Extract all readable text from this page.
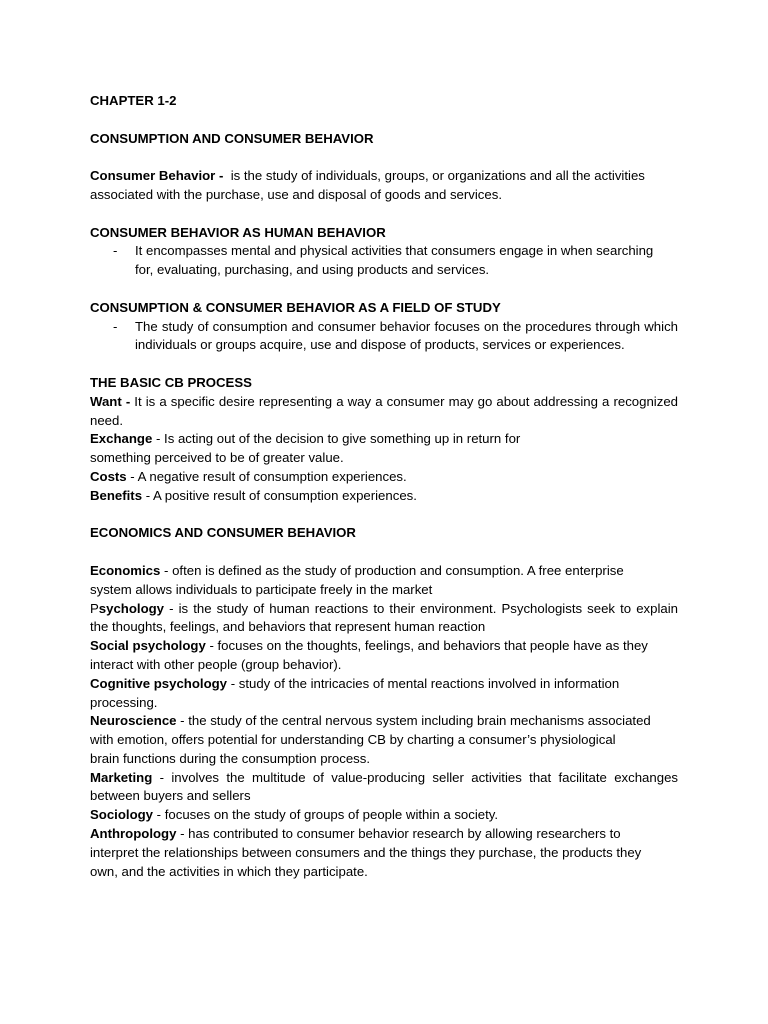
CHAPTER 1-2

CONSUMPTION AND CONSUMER BEHAVIOR

Consumer Behavior - is the study of individuals, groups, or organizations and all the activities
associated with the purchase, use and disposal of goods and services.

CONSUMER BEHAVIOR AS HUMAN BEHAVIOR

- It encompasses mental and physical activities that consumers engage in when searching
for, evaluating, purchasing, and using products and services.

CONSUMPTION & CONSUMER BEHAVIOR AS A FIELD OF STUDY

- The study of consumption and consumer behavior focuses on the procedures through which individuals or groups acquire, use and dispose of products, services or experiences.

THE BASIC CB PROCESS

Want - It is a specific desire representing a way a consumer may go about addressing a recognized need.

Exchange - Is acting out of the decision to give something up in return for
something perceived to be of greater value.

Costs - A negative result of consumption experiences.

Benefits - A positive result of consumption experiences.

ECONOMICS AND CONSUMER BEHAVIOR

Economics - often is defined as the study of production and consumption. A free enterprise
system allows individuals to participate freely in the market

Psychology - is the study of human reactions to their environment. Psychologists seek to explain the thoughts, feelings, and behaviors that represent human reaction

Social psychology - focuses on the thoughts, feelings, and behaviors that people have as they
interact with other people (group behavior).

Cognitive psychology - study of the intricacies of mental reactions involved in information
processing.

Neuroscience - the study of the central nervous system including brain mechanisms associated
with emotion, offers potential for understanding CB by charting a consumer’s physiological
brain functions during the consumption process.

Marketing - involves the multitude of value-producing seller activities that facilitate exchanges between buyers and sellers

Sociology - focuses on the study of groups of people within a society.

Anthropology - has contributed to consumer behavior research by allowing researchers to
interpret the relationships between consumers and the things they purchase, the products they
own, and the activities in which they participate.
